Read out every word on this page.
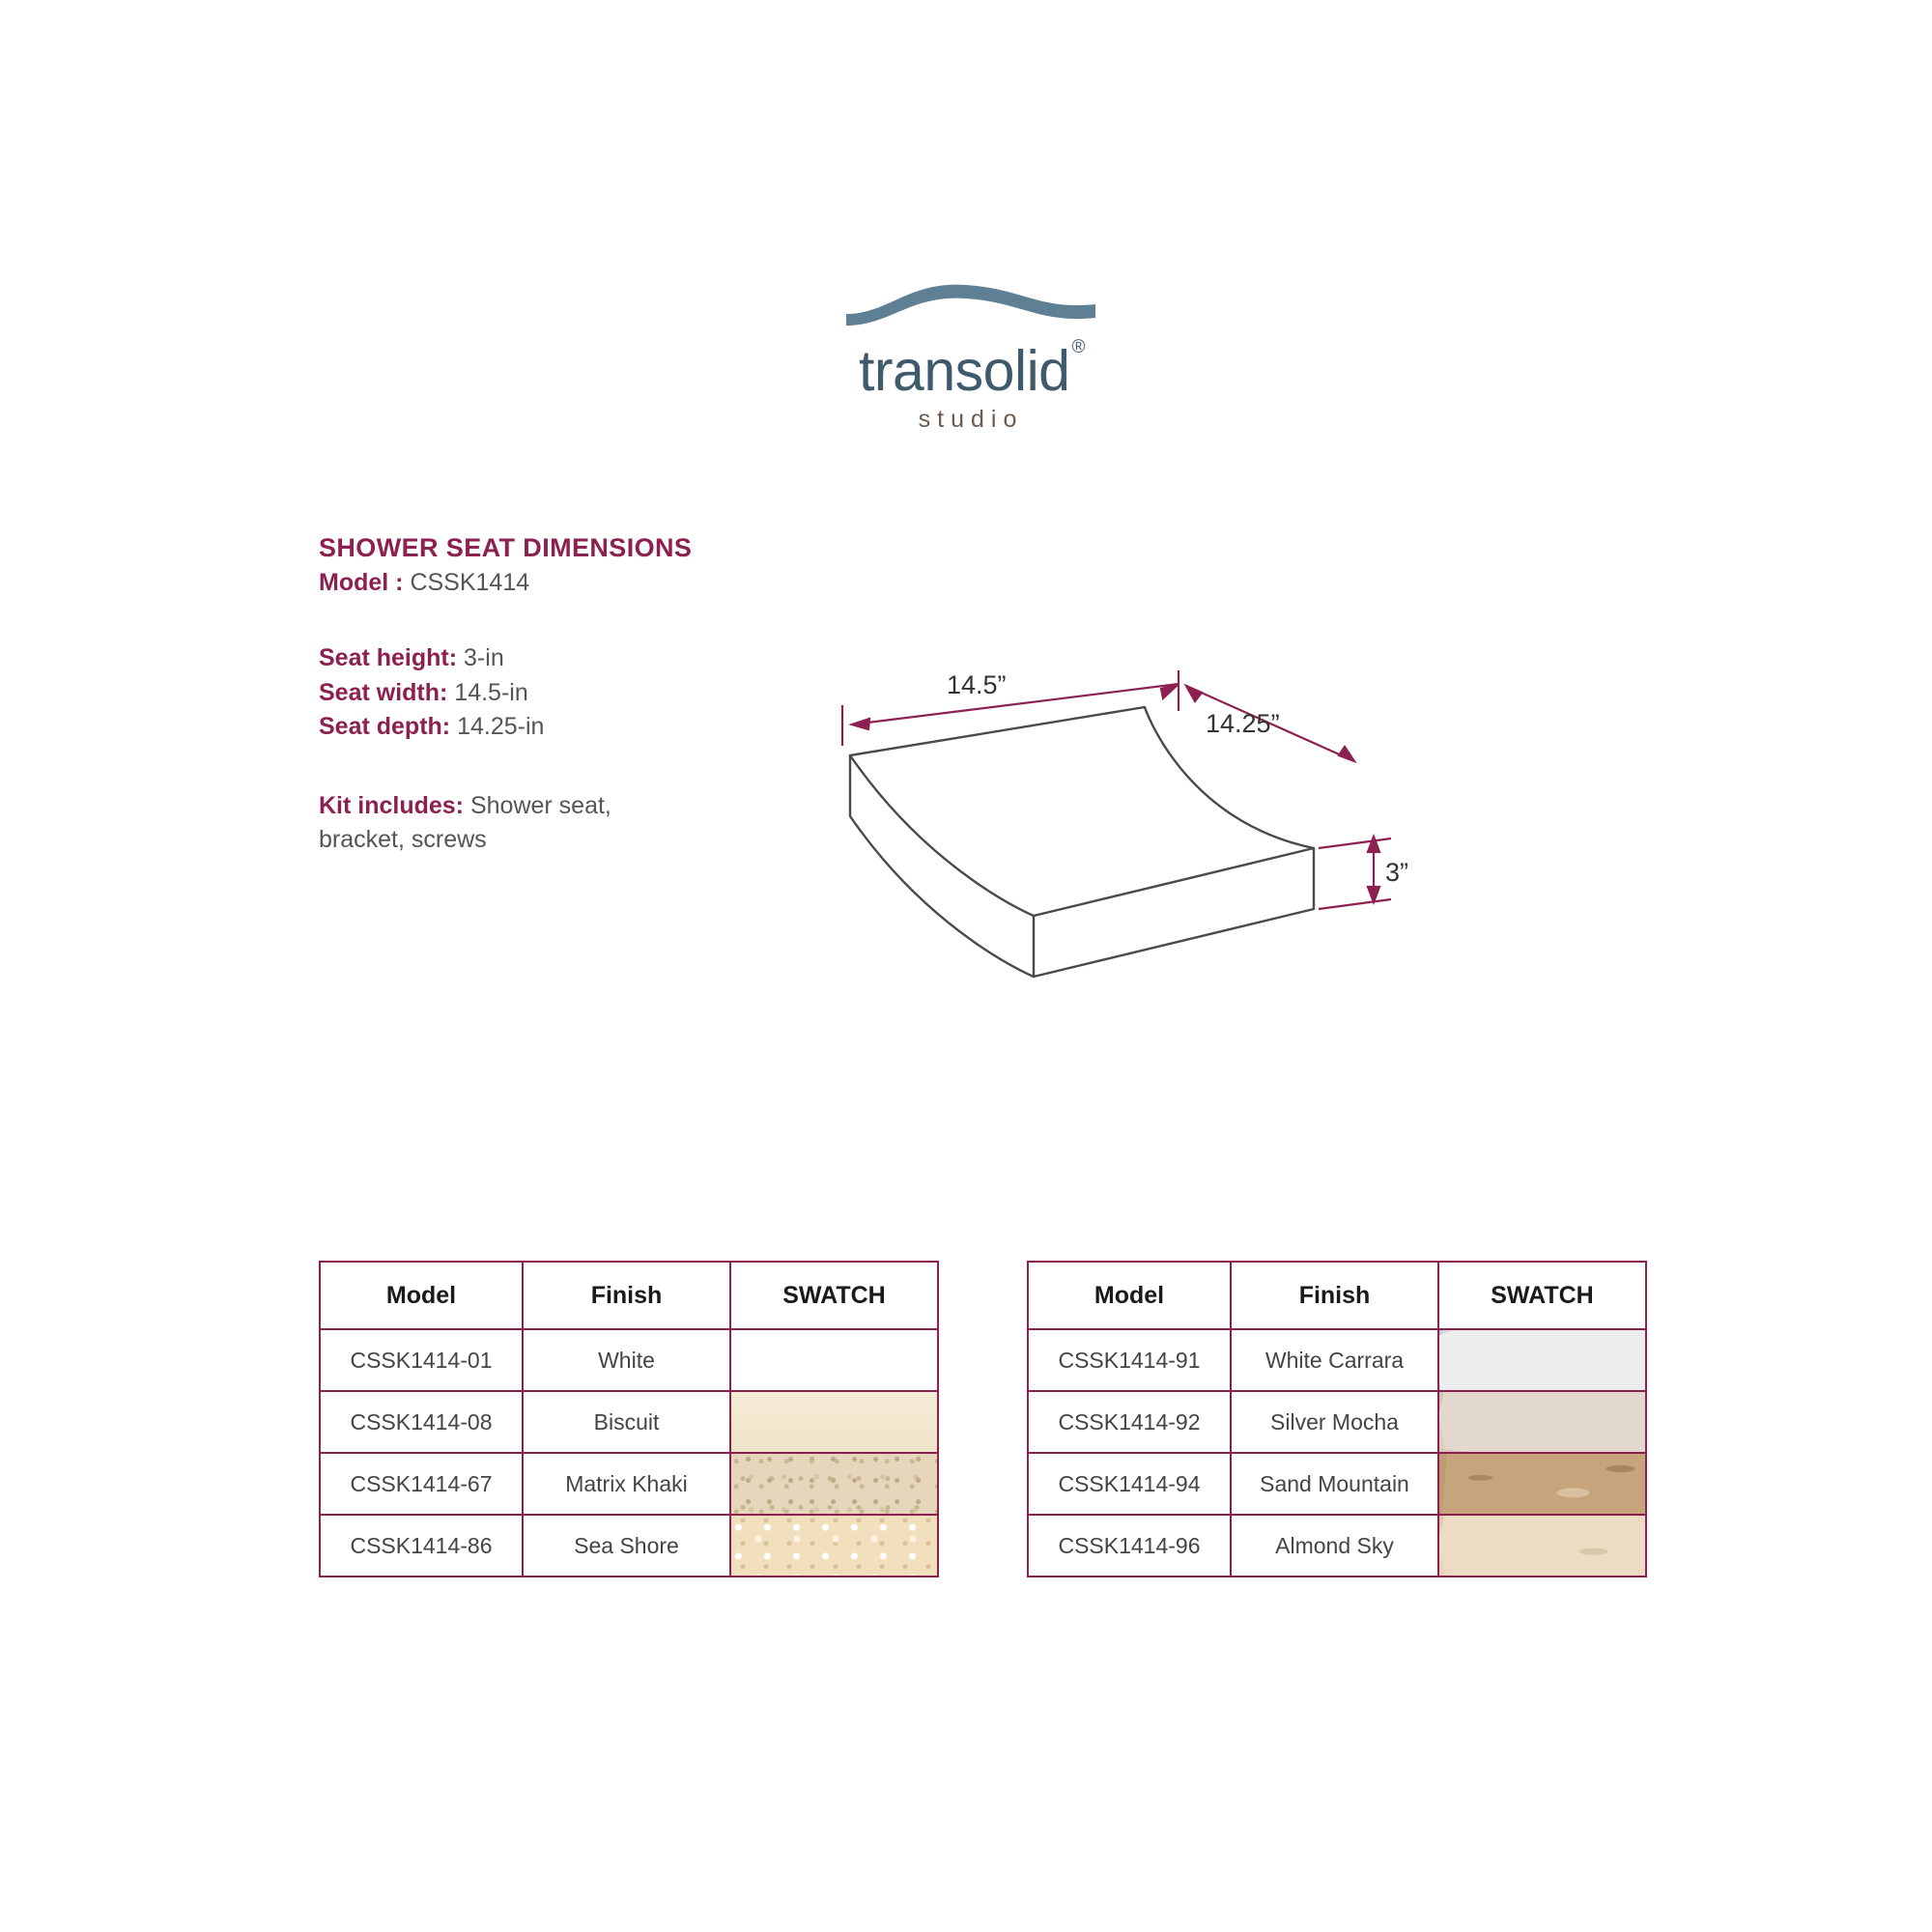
transolid ®
studio
SHOWER SEAT DIMENSIONS
Model : CSSK1414
Seat height: 3-in
Seat width: 14.5-in
Seat depth: 14.25-in
Kit includes: Shower seat,
bracket, screws
14.5”
14.25”
3”
Model	Finish	SWATCH
CSSK1414-01	White	

CSSK1414-08	Biscuit	

CSSK1414-67	Matrix Khaki	

CSSK1414-86	Sea Shore	
Model	Finish	SWATCH
CSSK1414-91	White Carrara	

CSSK1414-92	Silver Mocha	

CSSK1414-94	Sand Mountain	

CSSK1414-96	Almond Sky	
